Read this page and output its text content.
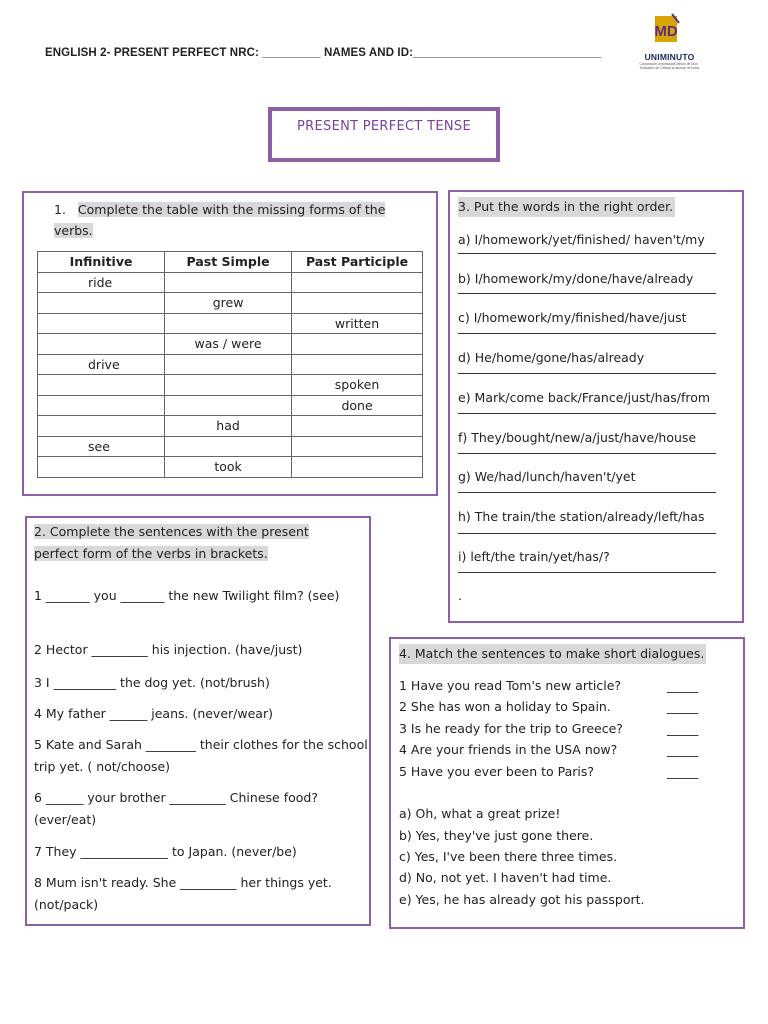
ENGLISH 2- PRESENT PERFECT NRC: _________ NAMES AND ID:_____________________________
MD
UNIMINUTO
Corporación Universitaria Minuto de Dios · Educación de Calidad al alcance de todos
PRESENT PERFECT TENSE
1. Complete the table with the missing forms of the verbs.
Infinitive	Past Simple	Past Participle
ride		
	grew	
		written
	was / were	
drive		
		spoken
		done
	had	
see		
	took	
2. Complete the sentences with the present perfect form of the verbs in brackets.
1 _______ you _______ the new Twilight film? (see)
2 Hector _________ his injection. (have/just)
3 I __________ the dog yet. (not/brush)
4 My father ______ jeans. (never/wear)
5 Kate and Sarah ________ their clothes for the school trip yet. ( not/choose)
6 ______ your brother _________ Chinese food? (ever/eat)
7 They ______________ to Japan. (never/be)
8 Mum isn't ready. She _________ her things yet. (not/pack)
3. Put the words in the right order.
a) I/homework/yet/finished/ haven't/my
b) I/homework/my/done/have/already
c) I/homework/my/finished/have/just
d) He/home/gone/has/already
e) Mark/come back/France/just/has/from
f) They/bought/new/a/just/have/house
g) We/had/lunch/haven't/yet
h) The train/the station/already/left/has
i) left/the train/yet/has/?
.
4. Match the sentences to make short dialogues.
1 Have you read Tom's new article?	_____
2 She has won a holiday to Spain.	_____
3 Is he ready for the trip to Greece?	_____
4 Are your friends in the USA now?	_____
5 Have you ever been to Paris?	_____
a) Oh, what a great prize!
b) Yes, they've just gone there.
c) Yes, I've been there three times.
d) No, not yet. I haven't had time.
e) Yes, he has already got his passport.
